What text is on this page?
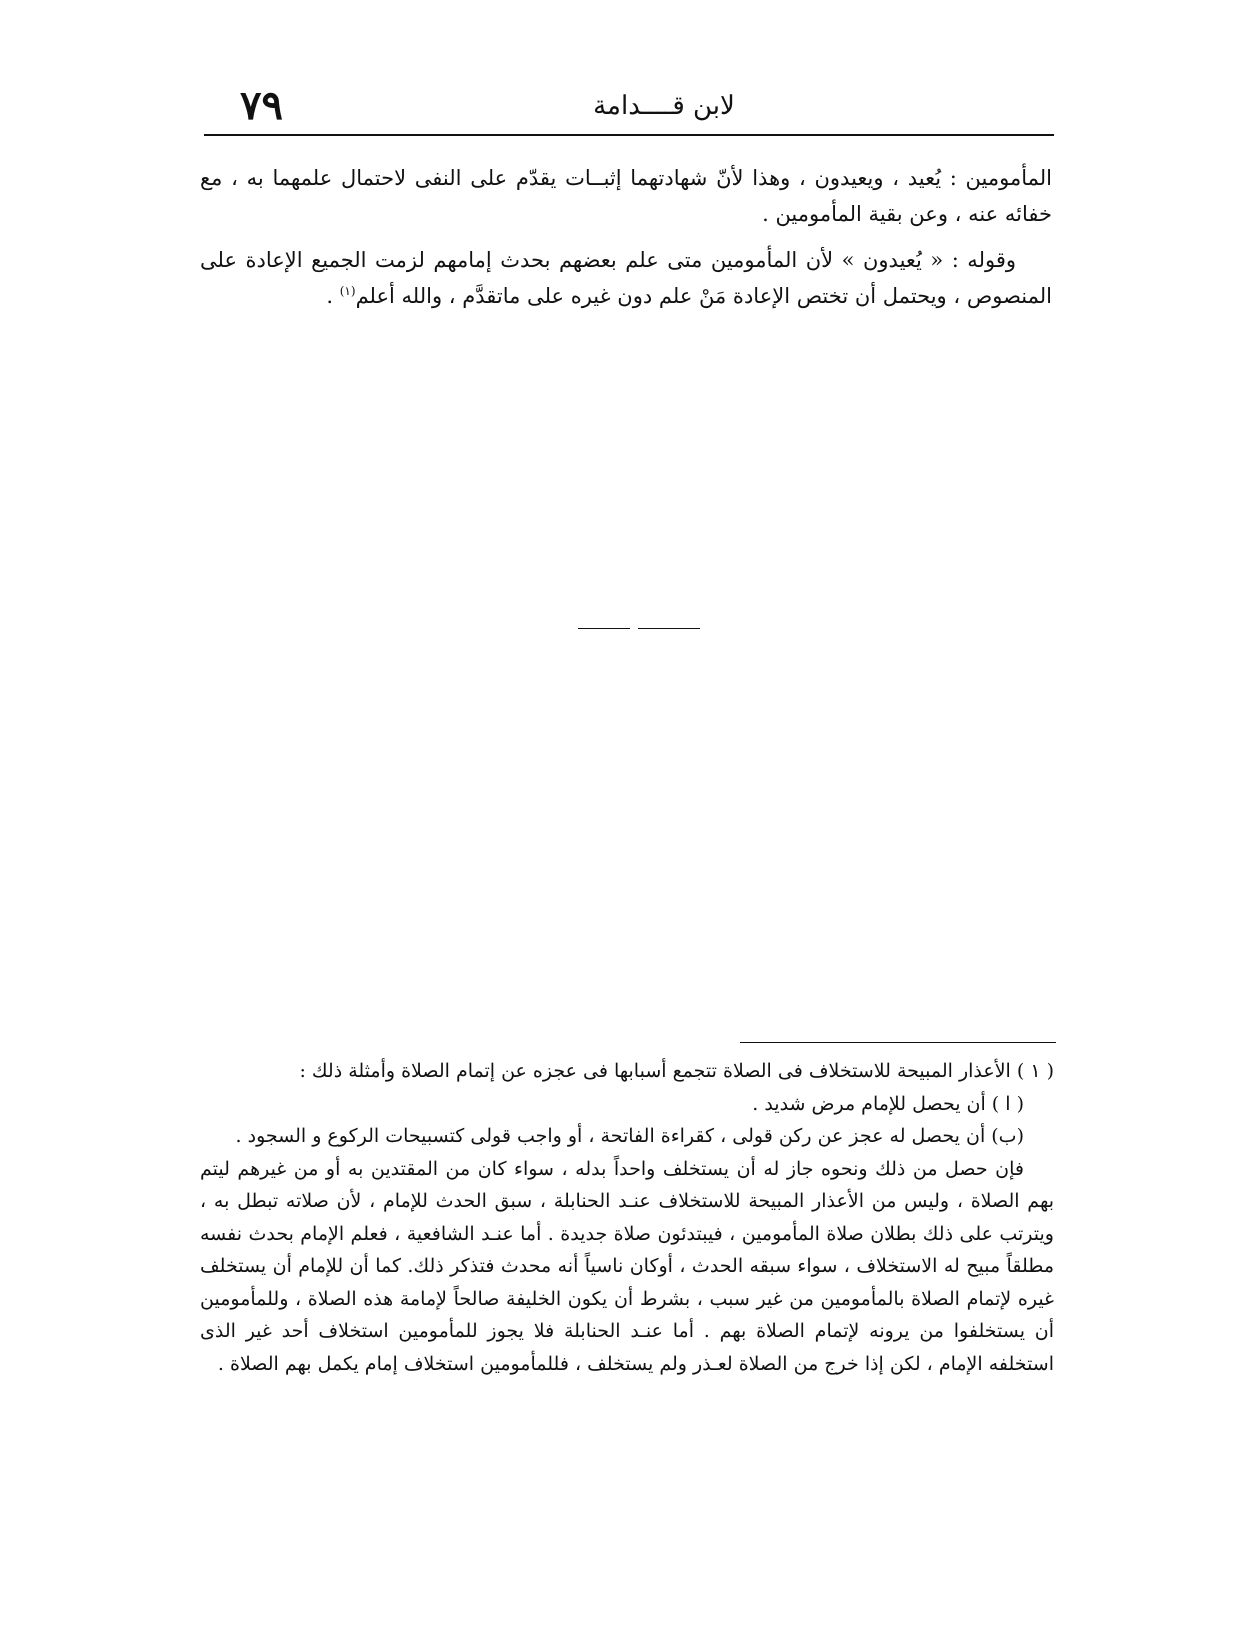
٧٩	لابن قــــدامة

المأمومين : يُعيد ، ويعيدون ، وهذا لأنّ شهادتهما إثبــات يقدّم على النفى لاحتمال علمهما به ، مع خفائه عنه ، وعن بقية المأمومين .

وقوله : « يُعيدون » لأن المأمومين متى علم بعضهم بحدث إمامهم لزمت الجميع الإعادة على المنصوص ، ويحتمل أن تختص الإعادة مَنْ علم دون غيره على ماتقدَّم ، والله أعلم$^{(١)}$ .

( ١ ) الأعذار المبيحة للاستخلاف فى الصلاة تتجمع أسبابها فى عجزه عن إتمام الصلاة وأمثلة ذلك :

( ا ) أن يحصل للإمام مرض شديد .

(ب) أن يحصل له عجز عن ركن قولى ، كقراءة الفاتحة ، أو واجب قولى كتسبيحات الركوع و السجود .

فإن حصل من ذلك ونحوه جاز له أن يستخلف واحداً بدله ، سواء كان من المقتدين به أو من غيرهم ليتم بهم الصلاة ، وليس من الأعذار المبيحة للاستخلاف عنـد الحنابلة ، سبق الحدث للإمام ، لأن صلاته تبطل به ، ويترتب على ذلك بطلان صلاة المأمومين ، فيبتدئون صلاة جديدة . أما عنـد الشافعية ، فعلم الإمام بحدث نفسه مطلقاً مبيح له الاستخلاف ، سواء سبقه الحدث ، أوكان ناسياً أنه محدث فتذكر ذلك. كما أن للإمام أن يستخلف غيره لإتمام الصلاة بالمأمومين من غير سبب ، بشرط أن يكون الخليفة صالحاً لإمامة هذه الصلاة ، وللمأمومين أن يستخلفوا من يرونه لإتمام الصلاة بهم . أما عنـد الحنابلة فلا يجوز للمأمومين استخلاف أحد غير الذى استخلفه الإمام ، لكن إذا خرج من الصلاة لعـذر ولم يستخلف ، فللمأمومين استخلاف إمام يكمل بهم الصلاة .
